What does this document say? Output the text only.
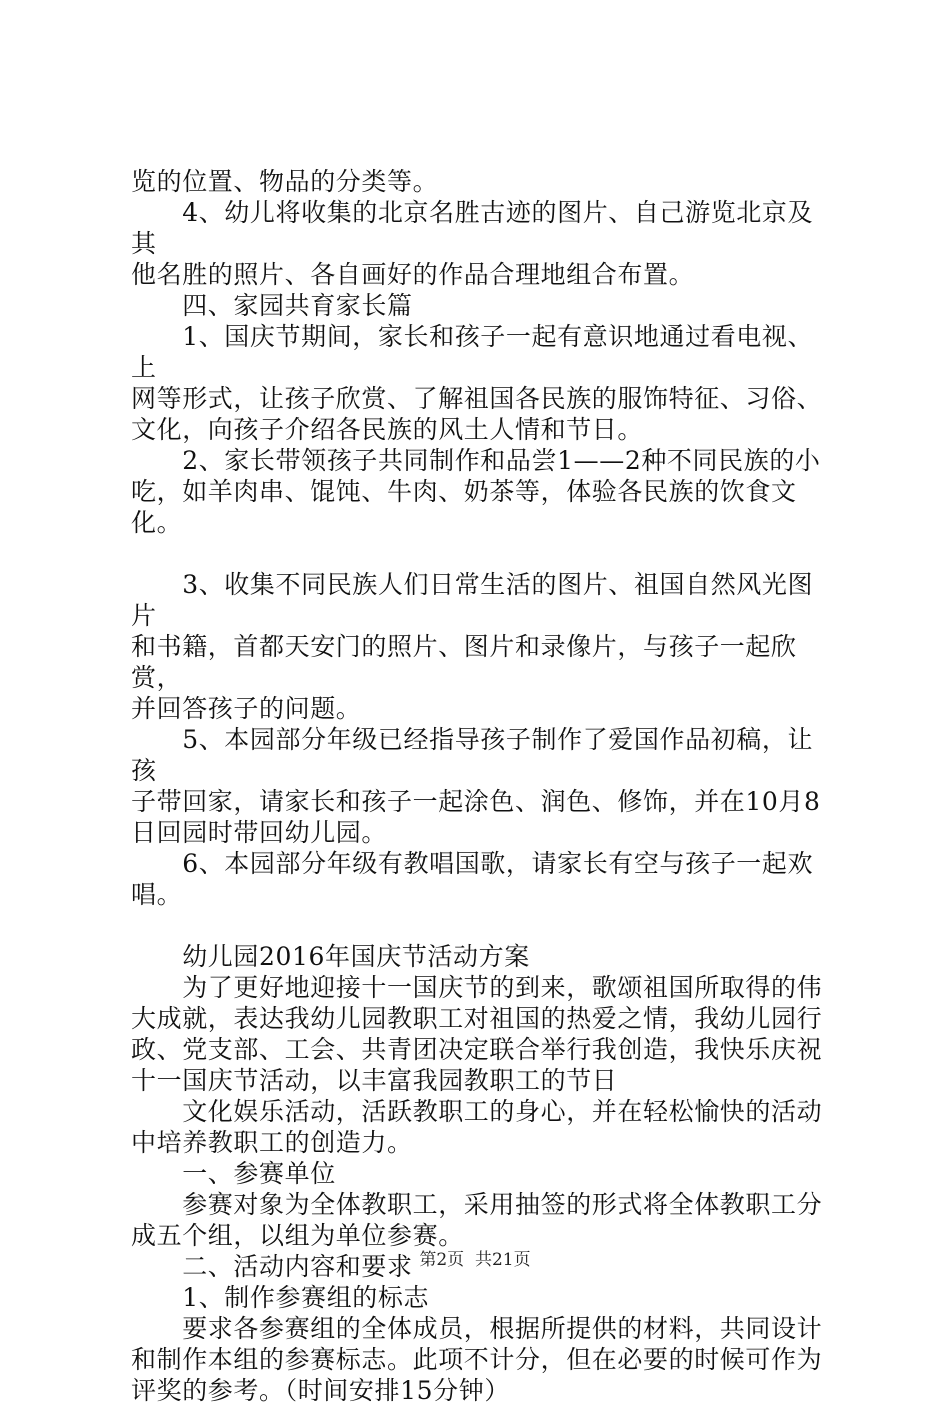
览的位置、物品的分类等。

　　4、幼儿将收集的北京名胜古迹的图片、自己游览北京及其

他名胜的照片、各自画好的作品合理地组合布置。

　　四、家园共育家长篇

　　1、国庆节期间，家长和孩子一起有意识地通过看电视、上

网等形式，让孩子欣赏、了解祖国各民族的服饰特征、习俗、

文化，向孩子介绍各民族的风土人情和节日。

　　2、家长带领孩子共同制作和品尝1——2种不同民族的小

吃，如羊肉串、馄饨、牛肉、奶茶等，体验各民族的饮食文化。

　　3、收集不同民族人们日常生活的图片、祖国自然风光图片

和书籍，首都天安门的照片、图片和录像片，与孩子一起欣赏，

并回答孩子的问题。

　　5、本园部分年级已经指导孩子制作了爱国作品初稿，让孩

子带回家，请家长和孩子一起涂色、润色、修饰，并在10月8

日回园时带回幼儿园。

　　6、本园部分年级有教唱国歌，请家长有空与孩子一起欢唱。

　　幼儿园2016年国庆节活动方案

　　为了更好地迎接十一国庆节的到来，歌颂祖国所取得的伟

大成就，表达我幼儿园教职工对祖国的热爱之情，我幼儿园行

政、党支部、工会、共青团决定联合举行我创造，我快乐庆祝

十一国庆节活动，以丰富我园教职工的节日

　　文化娱乐活动，活跃教职工的身心，并在轻松愉快的活动

中培养教职工的创造力。

　　一、参赛单位

　　参赛对象为全体教职工，采用抽签的形式将全体教职工分

成五个组，以组为单位参赛。

　　二、活动内容和要求

　　1、制作参赛组的标志

　　要求各参赛组的全体成员，根据所提供的材料，共同设计

和制作本组的参赛标志。此项不计分，但在必要的时候可作为

评奖的参考。（时间安排15分钟）

第2页  共21页
